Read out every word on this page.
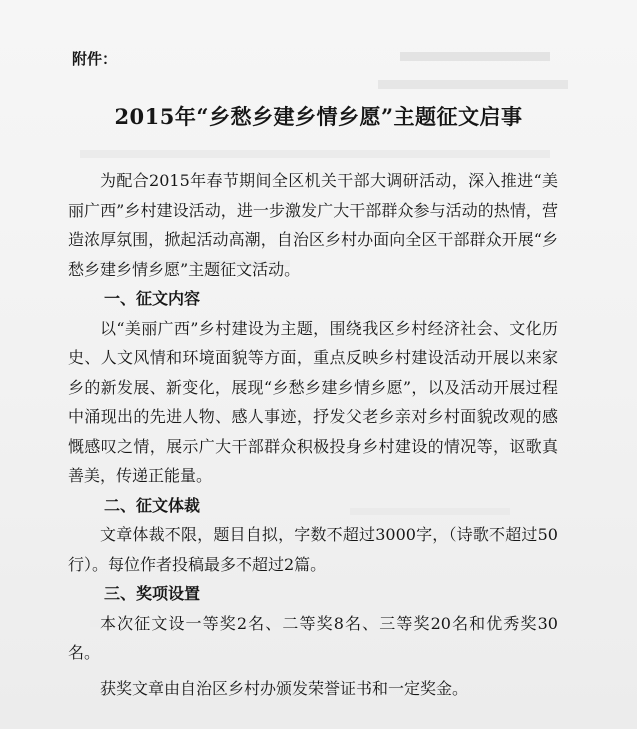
附件：
2015年“乡愁乡建乡情乡愿”主题征文启事

为配合2015年春节期间全区机关干部大调研活动，深入推进“美丽广西”乡村建设活动，进一步激发广大干部群众参与活动的热情，营造浓厚氛围，掀起活动高潮，自治区乡村办面向全区干部群众开展“乡愁乡建乡情乡愿”主题征文活动。

一、征文内容

以“美丽广西”乡村建设为主题，围绕我区乡村经济社会、文化历史、人文风情和环境面貌等方面，重点反映乡村建设活动开展以来家乡的新发展、新变化，展现“乡愁乡建乡情乡愿”，以及活动开展过程中涌现出的先进人物、感人事迹，抒发父老乡亲对乡村面貌改观的感慨感叹之情，展示广大干部群众积极投身乡村建设的情况等，讴歌真善美，传递正能量。

二、征文体裁

文章体裁不限，题目自拟，字数不超过3000字，（诗歌不超过50行）。每位作者投稿最多不超过2篇。

三、奖项设置

本次征文设一等奖2名、二等奖8名、三等奖20名和优秀奖30名。

获奖文章由自治区乡村办颁发荣誉证书和一定奖金。
